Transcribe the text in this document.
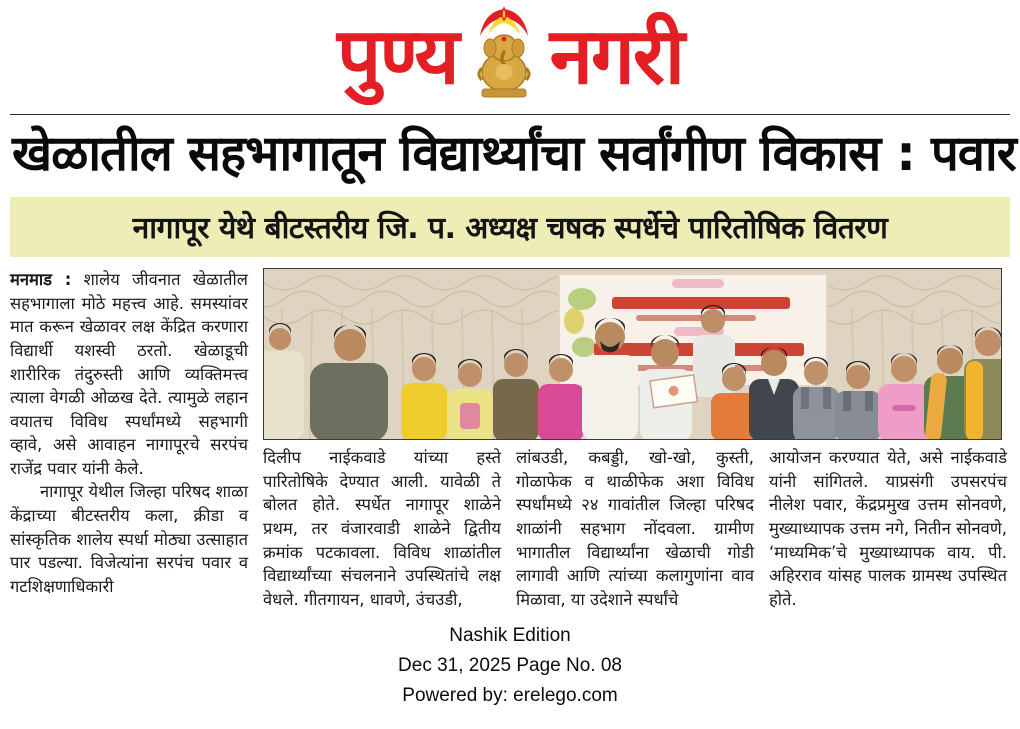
पुण्य नगरी
खेळातील सहभागातून विद्यार्थ्यांचा सर्वांगीण विकास : पवार
नागापूर येथे बीटस्तरीय जि. प. अध्यक्ष चषक स्पर्धेचे पारितोषिक वितरण

मनमाड : शालेय जीवनात खेळातील सहभागाला मोठे महत्त्व आहे. समस्यांवर मात करून खेळावर लक्ष केंद्रित करणारा विद्यार्थी यशस्वी ठरतो. खेळाडूची शारीरिक तंदुरुस्ती आणि व्यक्तिमत्त्व त्याला वेगळी ओळख देते. त्यामुळे लहान वयातच विविध स्पर्धांमध्ये सहभागी व्हावे, असे आवाहन नागापूरचे सरपंच राजेंद्र पवार यांनी केले.

नागापूर येथील जिल्हा परिषद शाळा केंद्राच्या बीटस्तरीय कला, क्रीडा व सांस्कृतिक शालेय स्पर्धा मोठ्या उत्साहात पार पडल्या. विजेत्यांना सरपंच पवार व गटशिक्षणाधिकारी

दिलीप नाईकवाडे यांच्या हस्ते पारितोषिके देण्यात आली. यावेळी ते बोलत होते. स्पर्धेत नागापूर शाळेने प्रथम, तर वंजारवाडी शाळेने द्वितीय क्रमांक पटकावला. विविध शाळांतील विद्यार्थ्यांच्या संचलनाने उपस्थितांचे लक्ष वेधले. गीतगायन, धावणे, उंचउडी,

लांबउडी, कबड्डी, खो-खो, कुस्ती, गोळाफेक व थाळीफेक अशा विविध स्पर्धांमध्ये २४ गावांतील जिल्हा परिषद शाळांनी सहभाग नोंदवला. ग्रामीण भागातील विद्यार्थ्यांना खेळाची गोडी लागावी आणि त्यांच्या कलागुणांना वाव मिळावा, या उदेशाने स्पर्धांचे

आयोजन करण्यात येते, असे नाईकवाडे यांनी सांगितले. याप्रसंगी उपसरपंच नीलेश पवार, केंद्रप्रमुख उत्तम सोनवणे, मुख्याध्यापक उत्तम नगे, नितीन सोनवणे, ‘माध्यमिक’चे मुख्याध्यापक वाय. पी. अहिरराव यांसह पालक ग्रामस्थ उपस्थित होते.

Nashik Edition
Dec 31, 2025 Page No. 08
Powered by: erelego.com
